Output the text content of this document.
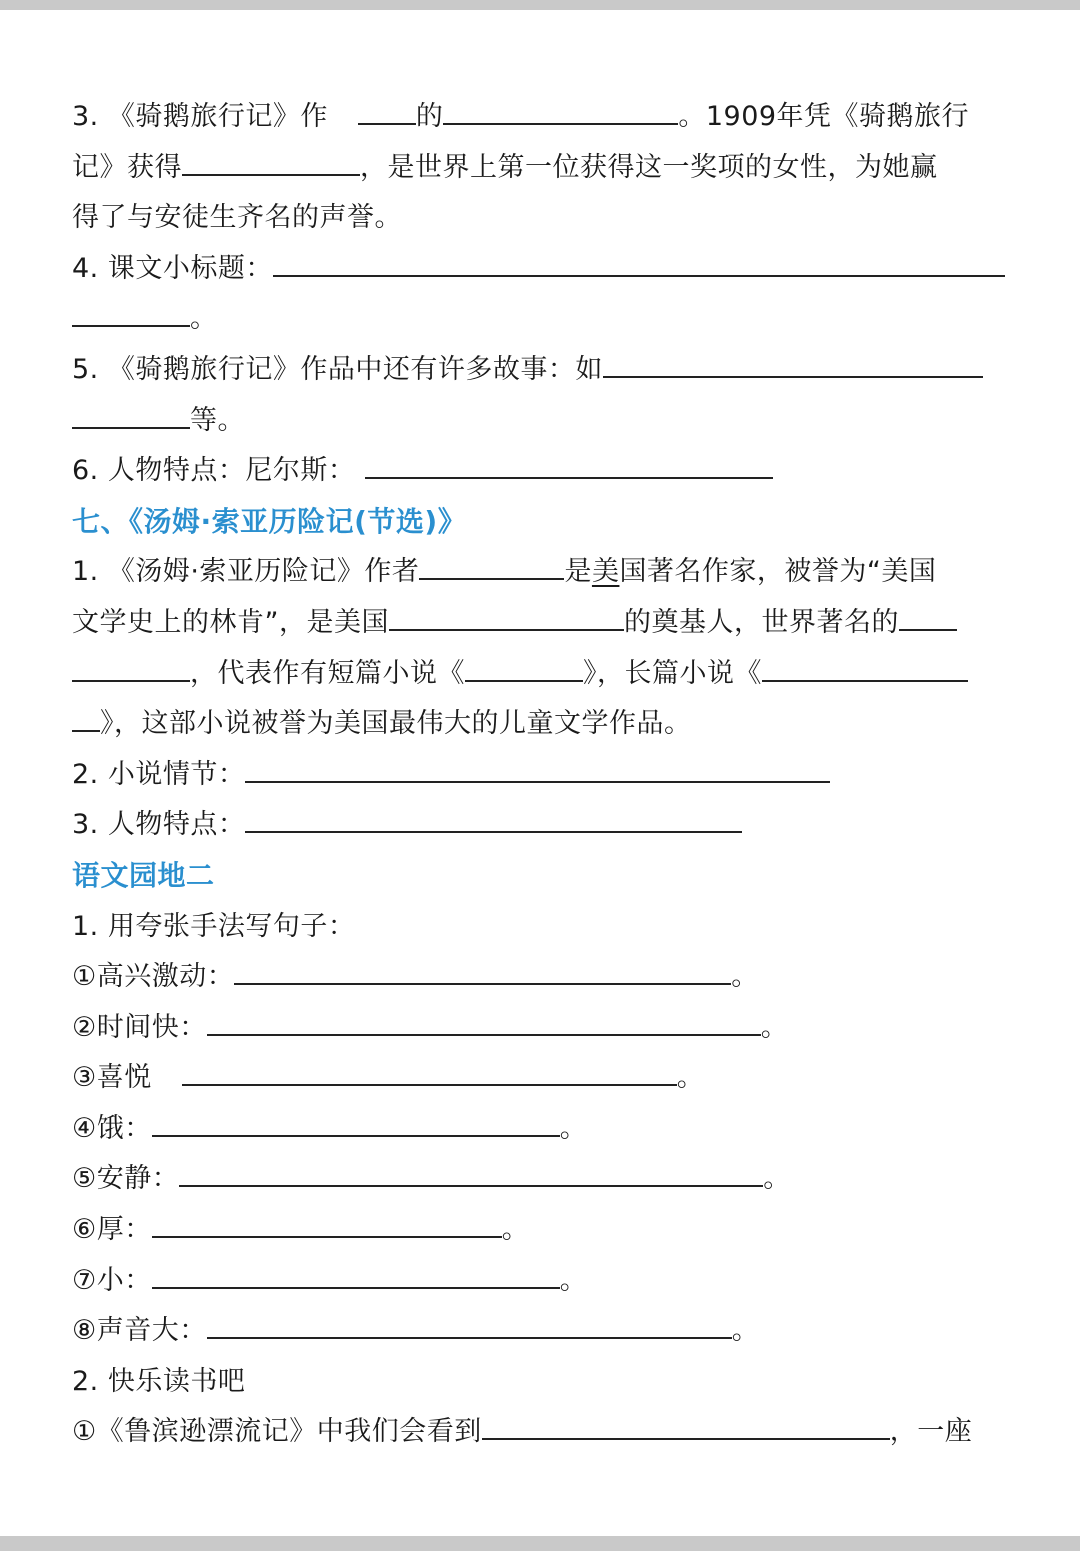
3. 《骑鹅旅行记》作	的	。1909年凭《骑鹅旅行
记》获得	，是世界上第一位获得这一奖项的女性，为她赢
得了与安徒生齐名的声誉。
4. 课文小标题：
。
5. 《骑鹅旅行记》作品中还有许多故事：如
等。
6. 人物特点：尼尔斯：
七、《汤姆·索亚历险记(节选)》
1. 《汤姆·索亚历险记》作者	是美国著名作家，被誉为“美国
文学史上的林肯”，是美国	的奠基人，世界著名的
，代表作有短篇小说《	》，长篇小说《
》，这部小说被誉为美国最伟大的儿童文学作品。
2. 小说情节：
3. 人物特点：
语文园地二
1. 用夸张手法写句子：
①高兴激动：	。
②时间快：	。
③喜悦	。
④饿：	。
⑤安静：	。
⑥厚：	。
⑦小：	。
⑧声音大：	。
2. 快乐读书吧
①《鲁滨逊漂流记》中我们会看到	，一座
